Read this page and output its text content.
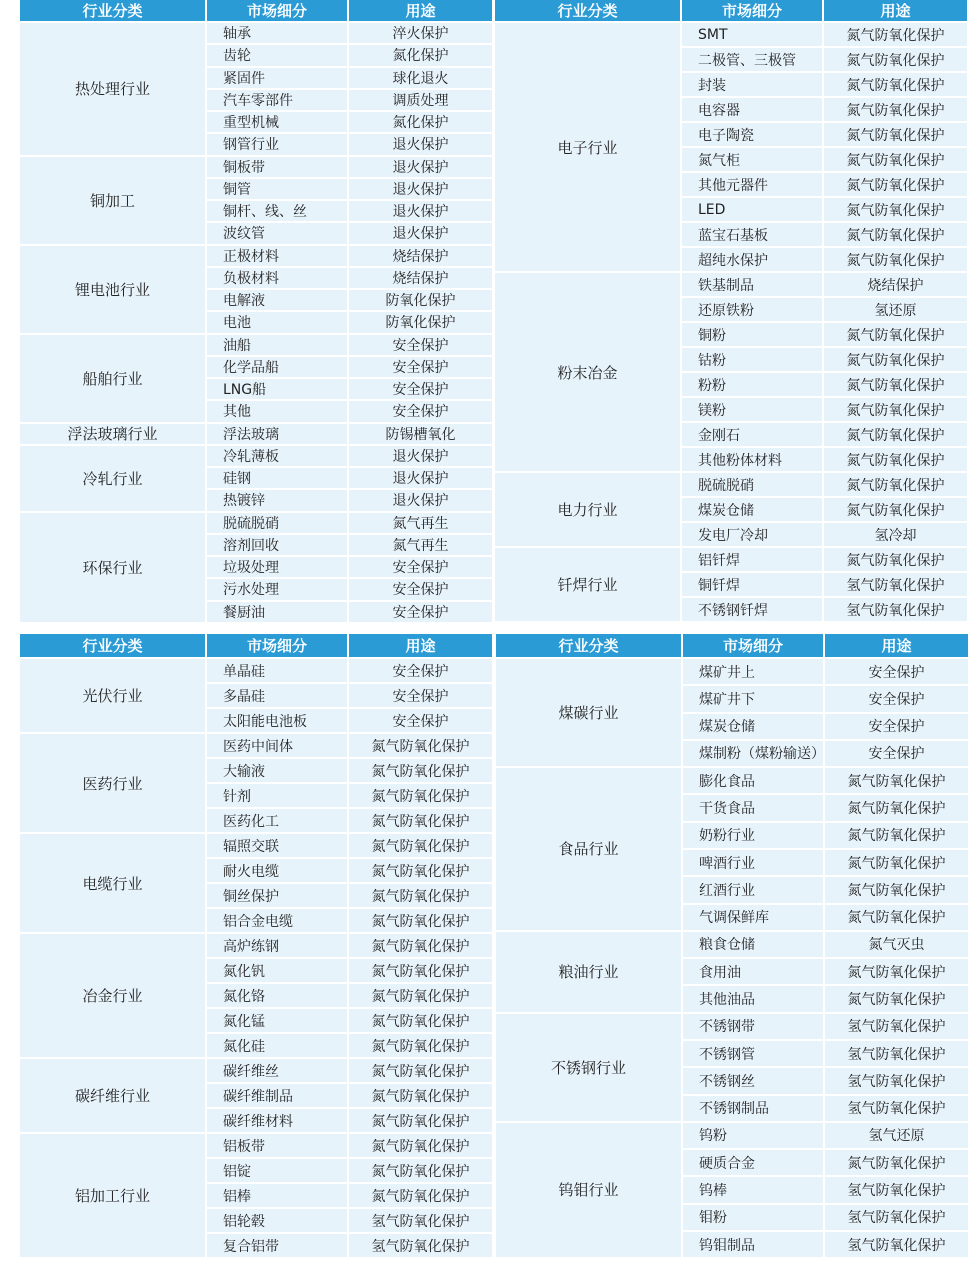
行业分类	市场细分	用途
热处理行业
轴承	淬火保护
齿轮	氮化保护
紧固件	球化退火
汽车零部件	调质处理
重型机械	氮化保护
钢管行业	退火保护
铜加工
铜板带	退火保护
铜管	退火保护
铜杆、线、丝	退火保护
波纹管	退火保护
锂电池行业
正极材料	烧结保护
负极材料	烧结保护
电解液	防氧化保护
电池	防氧化保护
船舶行业
油船	安全保护
化学品船	安全保护
LNG船	安全保护
其他	安全保护
浮法玻璃行业	浮法玻璃	防锡槽氧化
冷轧行业
冷轧薄板	退火保护
硅钢	退火保护
热镀锌	退火保护
环保行业
脱硫脱硝	氮气再生
溶剂回收	氮气再生
垃圾处理	安全保护
污水处理	安全保护
餐厨油	安全保护
行业分类	市场细分	用途
电子行业
SMT	氮气防氧化保护
二极管、三极管	氮气防氧化保护
封装	氮气防氧化保护
电容器	氮气防氧化保护
电子陶瓷	氮气防氧化保护
氮气柜	氮气防氧化保护
其他元器件	氮气防氧化保护
LED	氮气防氧化保护
蓝宝石基板	氮气防氧化保护
超纯水保护	氮气防氧化保护
粉末冶金
铁基制品	烧结保护
还原铁粉	氢还原
铜粉	氮气防氧化保护
钴粉	氮气防氧化保护
粉粉	氮气防氧化保护
镁粉	氮气防氧化保护
金刚石	氮气防氧化保护
其他粉体材料	氮气防氧化保护
电力行业
脱硫脱硝	氮气防氧化保护
煤炭仓储	氮气防氧化保护
发电厂冷却	氢冷却
钎焊行业
铝钎焊	氮气防氧化保护
铜钎焊	氢气防氧化保护
不锈钢钎焊	氢气防氧化保护
行业分类	市场细分	用途
光伏行业
单晶硅	安全保护
多晶硅	安全保护
太阳能电池板	安全保护
医药行业
医药中间体	氮气防氧化保护
大输液	氮气防氧化保护
针剂	氮气防氧化保护
医药化工	氮气防氧化保护
电缆行业
辐照交联	氮气防氧化保护
耐火电缆	氮气防氧化保护
铜丝保护	氮气防氧化保护
铝合金电缆	氮气防氧化保护
冶金行业
高炉练钢	氮气防氧化保护
氮化钒	氮气防氧化保护
氮化铬	氮气防氧化保护
氮化锰	氮气防氧化保护
氮化硅	氮气防氧化保护
碳纤维行业
碳纤维丝	氮气防氧化保护
碳纤维制品	氮气防氧化保护
碳纤维材料	氮气防氧化保护
铝加工行业
铝板带	氮气防氧化保护
铝锭	氮气防氧化保护
铝棒	氮气防氧化保护
铝轮毂	氢气防氧化保护
复合铝带	氢气防氧化保护
行业分类	市场细分	用途
煤碳行业
煤矿井上	安全保护
煤矿井下	安全保护
煤炭仓储	安全保护
煤制粉（煤粉输送）	安全保护
食品行业
膨化食品	氮气防氧化保护
干货食品	氮气防氧化保护
奶粉行业	氮气防氧化保护
啤酒行业	氮气防氧化保护
红酒行业	氮气防氧化保护
气调保鲜库	氮气防氧化保护
粮油行业
粮食仓储	氮气灭虫
食用油	氮气防氧化保护
其他油品	氮气防氧化保护
不锈钢行业
不锈钢带	氢气防氧化保护
不锈钢管	氢气防氧化保护
不锈钢丝	氢气防氧化保护
不锈钢制品	氢气防氧化保护
钨钼行业
钨粉	氢气还原
硬质合金	氮气防氧化保护
钨棒	氢气防氧化保护
钼粉	氢气防氧化保护
钨钼制品	氢气防氧化保护
